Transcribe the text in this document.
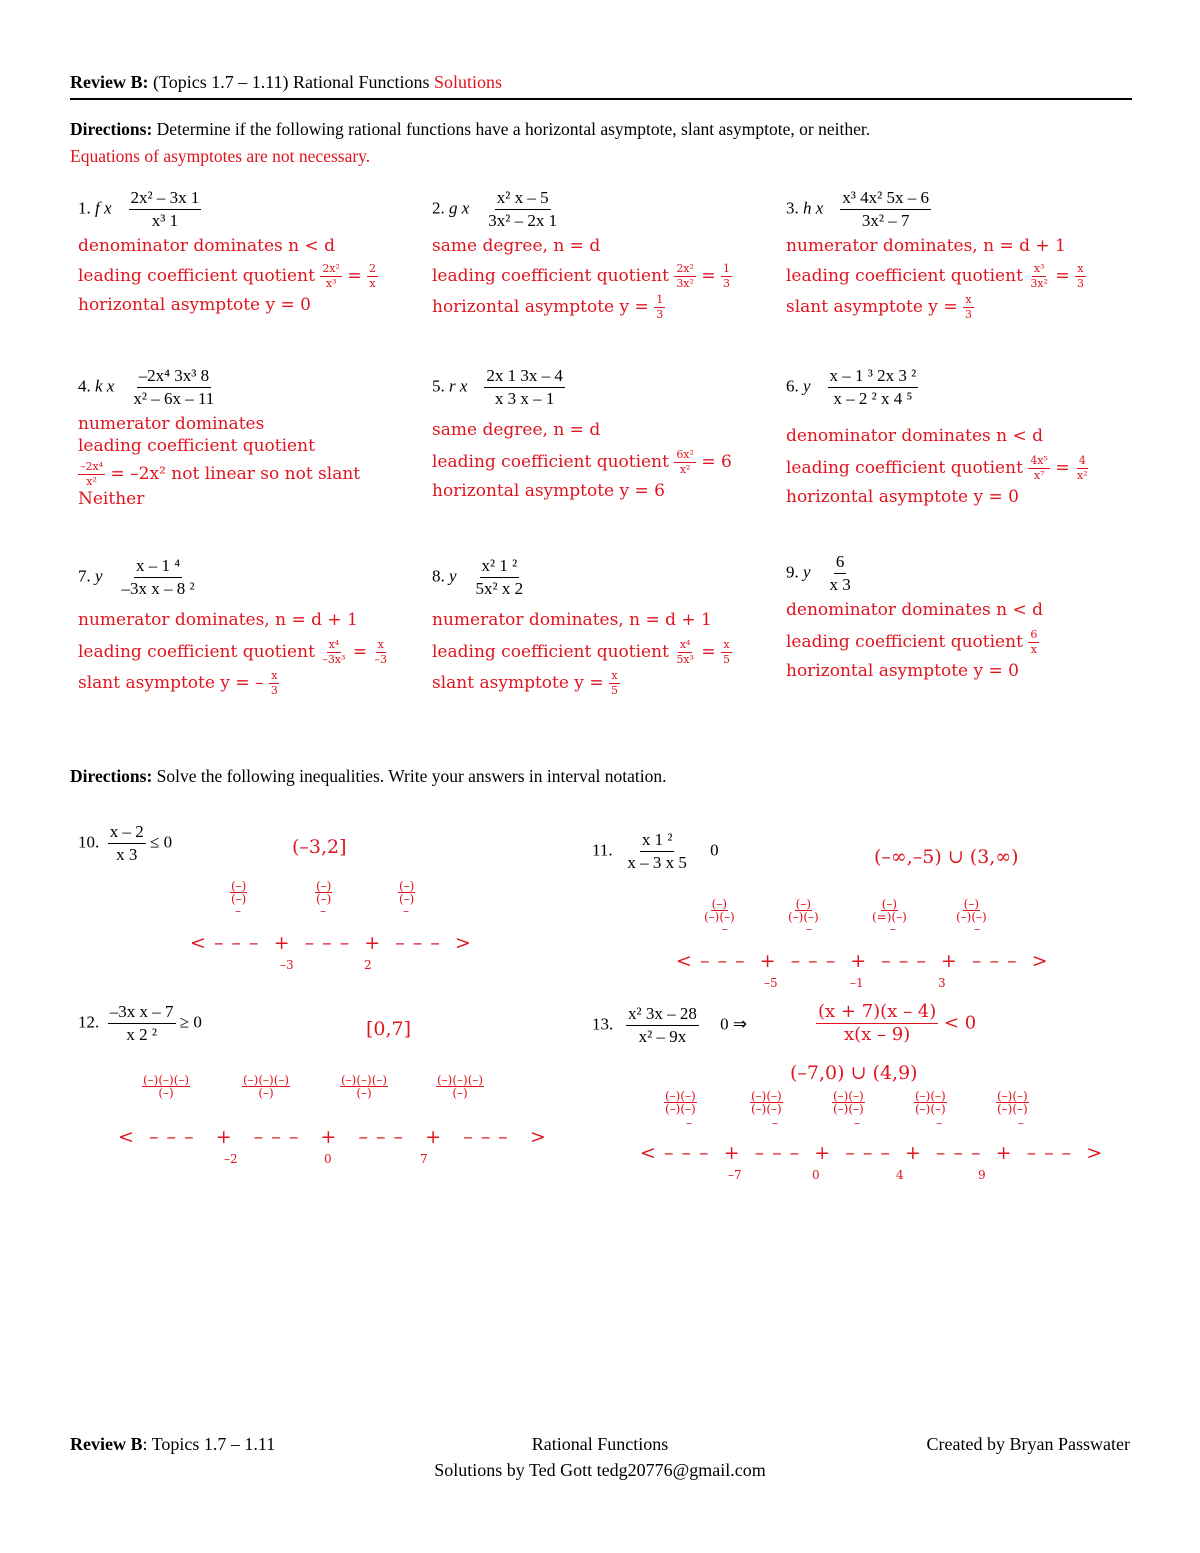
Review B: (Topics 1.7 – 1.11) Rational Functions Solutions
Directions: Determine if the following rational functions have a horizontal asymptote, slant asymptote, or neither.
Equations of asymptotes are not necessary.
1. f x $\frac{\text{2x² – 3x 1}}{\text{x³ 1}}$
denominator dominates n < d
leading coefficient quotient $\frac{\text{2x²}}{\text{x³}} = \frac{2}{x}$
horizontal asymptote y = 0
2. g x $\frac{\text{x² x – 5}}{\text{3x² – 2x 1}}$
same degree, n = d
leading coefficient quotient $\frac{\text{2x²}}{\text{3x²}} = \frac{1}{3}$
horizontal asymptote $y = \frac{1}{3}$
3. h x $\frac{\text{x³ 4x² 5x – 6}}{\text{3x² – 7}}$
numerator dominates, n = d + 1
leading coefficient quotient $\frac{\text{x³}}{\text{3x²}} = \frac{x}{3}$
slant asymptote $y = \frac{x}{3}$
4. k x $\frac{\text{–2x⁴ 3x³ 8}}{\text{x² – 6x – 11}}$
numerator dominates
leading coefficient quotient
$\frac{\text{–2x⁴}}{\text{x²}} = -2x^2$ not linear so not slant
Neither
5. r x $\frac{2x 1 3x - 4}{x 3 x - 1}$
same degree, n = d
leading coefficient quotient $\frac{\text{6x²}}{\text{x²}} = 6$
horizontal asymptote y = 6
6. y $\frac{\text{x – 1 ³ 2x 3 ²}}{\text{x – 2 ² x 4 ⁵}}$
denominator dominates n < d
leading coefficient quotient $\frac{\text{4x⁵}}{\text{x⁷}} = \frac{4}{\text{x²}}$
horizontal asymptote y = 0
7. y $\frac{\text{x – 1 ⁴}}{\text{–3x x – 8 ²}}$
numerator dominates, n = d + 1
leading coefficient quotient $\frac{\text{x⁴}}{\text{–3x³}} = \frac{x}{-3}$
slant asymptote y = – $\frac{x}{3}$
8. y $\frac{\text{x² 1 ²}}{\text{5x² x 2}}$
numerator dominates, n = d + 1
leading coefficient quotient $\frac{\text{x⁴}}{\text{5x³}} = \frac{x}{5}$
slant asymptote $y = \frac{x}{5}$
9. y $\frac{6}{x 3}$
denominator dominates n < d
leading coefficient quotient $\frac{6}{x}$
horizontal asymptote y = 0
Directions: Solve the following inequalities. Write your answers in interval notation.
10. $\frac{x - 2}{x 3} \le 0$	(–3,2]
(–)
(–)
–
(–)
(–)
–
(–)
(–)
–
< – – –  +  – – –  +  – – –  >
–3	2
11. $\frac{\text{x 1 ²}}{x - 3 x 5} 0$	(–∞,–5) ∪ (3,∞)
(–)
(–)(–)
–
(–)
(–)(–)
–
(–)
(=)(–)
–
(–)
(–)(–)
–
< – – –  +  – – –  +  – – –  +  – – –  >
–5	–1	3
12. $\frac{\text{–3x x – 7}}{\text{x 2 ²}} \ge 0$	[0,7]
(–)(–)(–)
(–)
(–)(–)(–)
(–)
(–)(–)(–)
(–)
(–)(–)(–)
(–)
<  – – –   +   – – –   +   – – –   +   – – –   >
–2	0	7
13. $\frac{\text{x² 3x – 28}}{\text{x² – 9x}} 0$ ⇒	$\frac{(x + 7)(x - 4)}{x(x - 9)} < 0$
(–7,0) ∪ (4,9)
(–)(–)
(–)(–)
–
(–)(–)
(–)(–)
–
(–)(–)
(–)(–)
–
(–)(–)
(–)(–)
–
(–)(–)
(–)(–)
–
< – – –  +  – – –  +  – – –  +  – – –  +  – – –  >
–7	0	4	9
Review B: Topics 1.7 – 1.11	Rational Functions	Created by Bryan Passwater
Solutions by Ted Gott tedg20776@gmail.com
